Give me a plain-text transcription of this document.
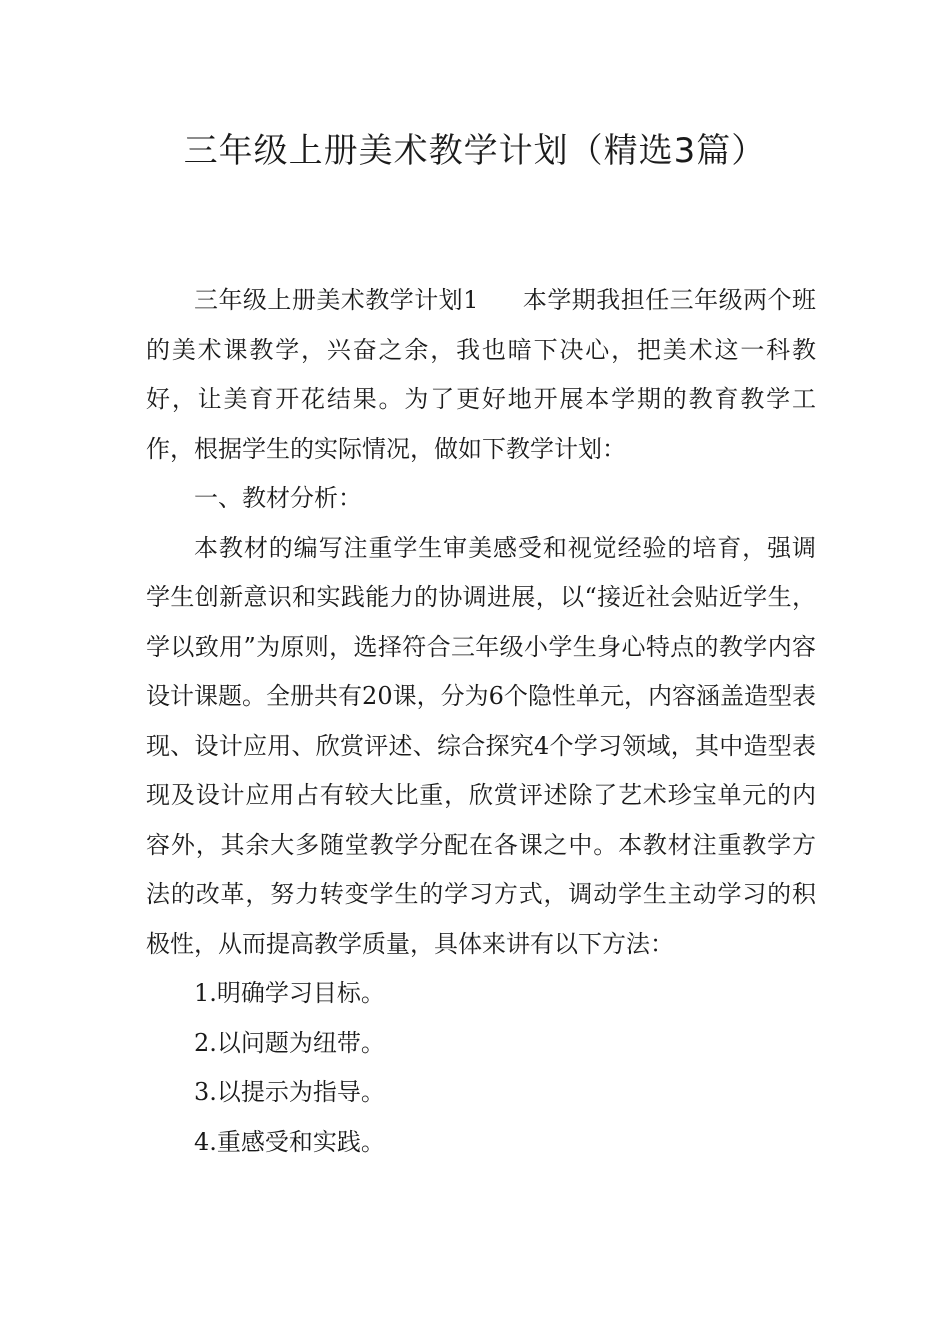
三年级上册美术教学计划（精选3篇）

三年级上册美术教学计划1 本学期我担任三年级两个班的美术课教学，兴奋之余，我也暗下决心，把美术这一科教好，让美育开花结果。为了更好地开展本学期的教育教学工作，根据学生的实际情况，做如下教学计划：

一、教材分析：

本教材的编写注重学生审美感受和视觉经验的培育，强调学生创新意识和实践能力的协调进展，以“接近社会贴近学生，学以致用”为原则，选择符合三年级小学生身心特点的教学内容设计课题。全册共有20课，分为6个隐性单元，内容涵盖造型表现、设计应用、欣赏评述、综合探究4个学习领域，其中造型表现及设计应用占有较大比重，欣赏评述除了艺术珍宝单元的内容外，其余大多随堂教学分配在各课之中。本教材注重教学方法的改革，努力转变学生的学习方式，调动学生主动学习的积极性，从而提高教学质量，具体来讲有以下方法：

1.明确学习目标。

2.以问题为纽带。

3.以提示为指导。

4.重感受和实践。
